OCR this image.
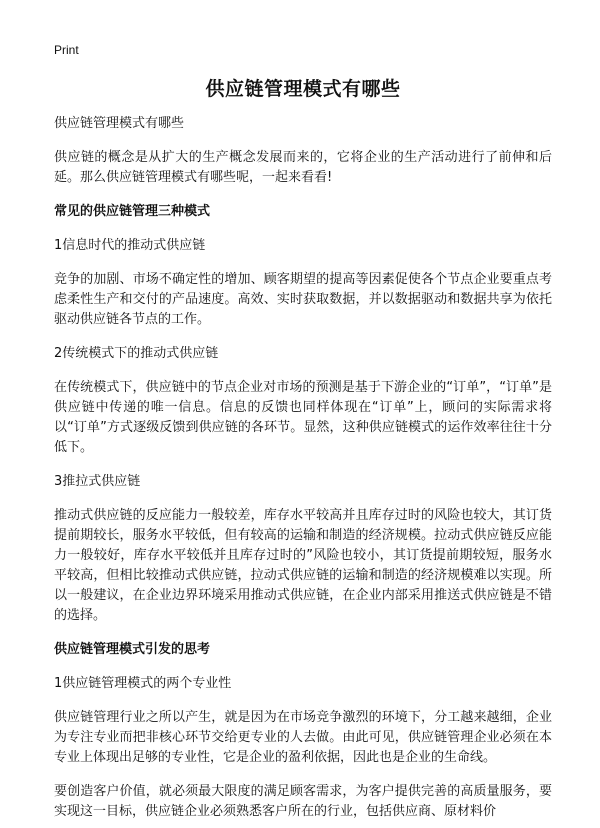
Print
供应链管理模式有哪些

供应链管理模式有哪些

供应链的概念是从扩大的生产概念发展而来的，它将企业的生产活动进行了前伸和后延。那么供应链管理模式有哪些呢，一起来看看!

常见的供应链管理三种模式

1信息时代的推动式供应链

竞争的加剧、市场不确定性的增加、顾客期望的提高等因素促使各个节点企业要重点考虑柔性生产和交付的产品速度。高效、实时获取数据，并以数据驱动和数据共享为依托驱动供应链各节点的工作。

2传统模式下的推动式供应链

在传统模式下，供应链中的节点企业对市场的预测是基于下游企业的“订单”，“订单”是供应链中传递的唯一信息。信息的反馈也同样体现在“订单”上，顾问的实际需求将以“订单”方式逐级反馈到供应链的各环节。显然，这种供应链模式的运作效率往往十分低下。

3推拉式供应链

推动式供应链的反应能力一般较差，库存水平较高并且库存过时的风险也较大，其订货提前期较长，服务水平较低，但有较高的运输和制造的经济规模。拉动式供应链反应能力一般较好，库存水平较低并且库存过时的”风险也较小，其订货提前期较短，服务水平较高，但相比较推动式供应链，拉动式供应链的运输和制造的经济规模难以实现。所以一般建议，在企业边界环境采用推动式供应链，在企业内部采用推送式供应链是不错的选择。

供应链管理模式引发的思考

1供应链管理模式的两个专业性

供应链管理行业之所以产生，就是因为在市场竞争激烈的环境下，分工越来越细，企业为专注专业而把非核心环节交给更专业的人去做。由此可见，供应链管理企业必须在本专业上体现出足够的专业性，它是企业的盈利依据，因此也是企业的生命线。

要创造客户价值，就必须最大限度的满足顾客需求，为客户提供完善的高质量服务，要实现这一目标，供应链企业必须熟悉客户所在的行业，包括供应商、原材料价
